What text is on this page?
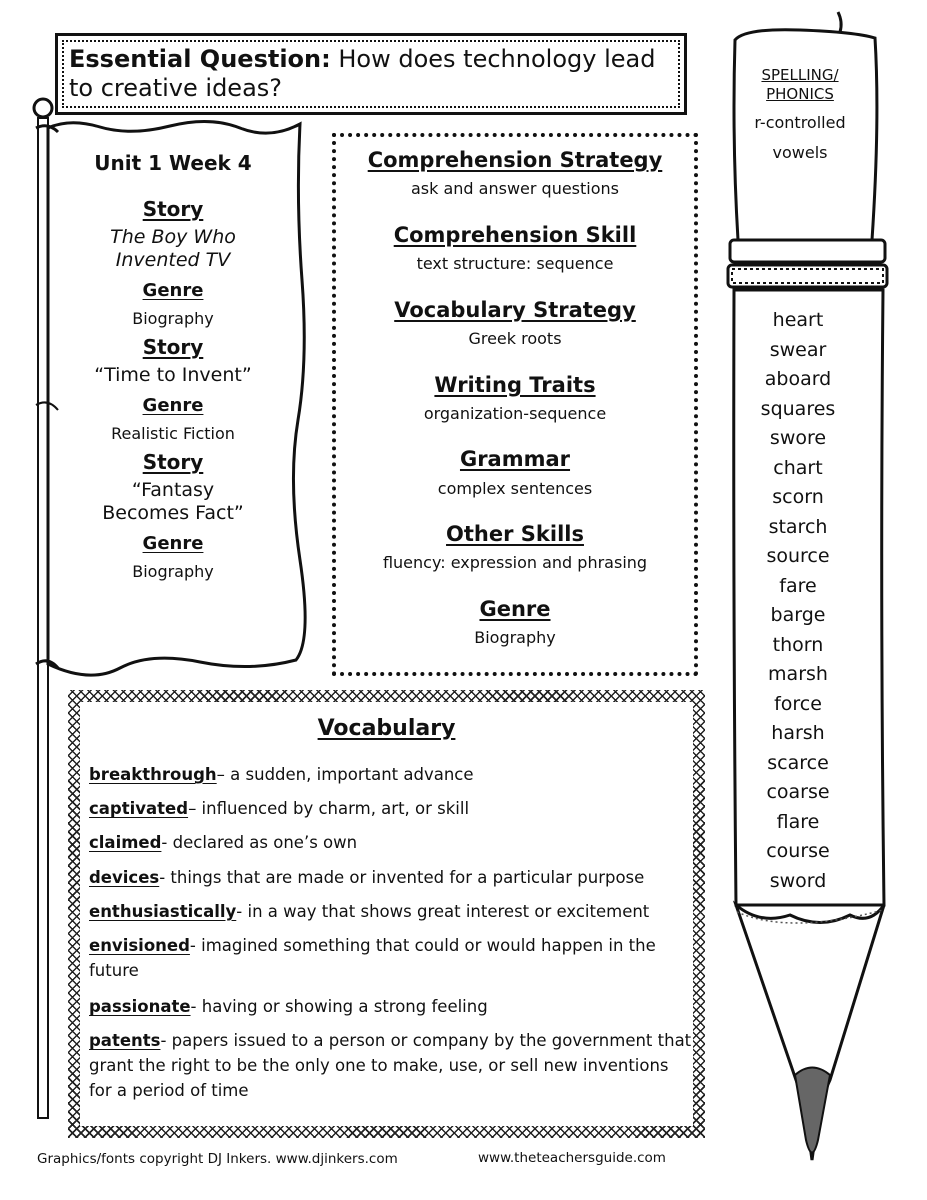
Essential Question: How does technology lead to creative ideas?
Unit 1 Week 4
Story
The Boy Who Invented TV
Genre
Biography
Story
“Time to Invent”
Genre
Realistic Fiction
Story
“Fantasy Becomes Fact”
Genre
Biography
Comprehension Strategy
ask and answer questions
Comprehension Skill
text structure: sequence
Vocabulary Strategy
Greek roots
Writing Traits
organization-sequence
Grammar
complex sentences
Other Skills
fluency: expression and phrasing
Genre
Biography
Vocabulary
breakthrough– a sudden, important advance
captivated– influenced by charm, art, or skill
claimed- declared as one’s own
devices- things that are made or invented for a particular purpose
enthusiastically- in a way that shows great interest or excitement
envisioned- imagined something that could or would happen in the future
passionate- having or showing a strong feeling
patents- papers issued to a person or company by the government that grant the right to be the only one to make, use, or sell new inventions for a period of time
SPELLING/
PHONICS
r-controlled
vowels
heart
swear
aboard
squares
swore
chart
scorn
starch
source
fare
barge
thorn
marsh
force
harsh
scarce
coarse
flare
course
sword
Graphics/fonts copyright DJ Inkers. www.djinkers.com	www.theteachersguide.com
